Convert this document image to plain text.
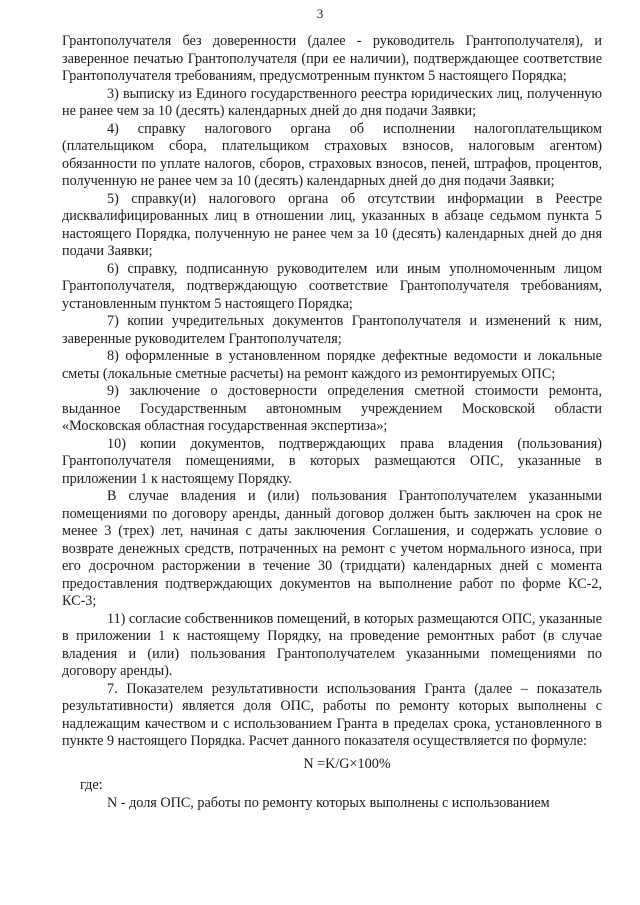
3

Грантополучателя без доверенности (далее - руководитель Грантополучателя), и заверенное печатью Грантополучателя (при ее наличии), подтверждающее соответствие Грантополучателя требованиям, предусмотренным пунктом 5 настоящего Порядка;

3) выписку из Единого государственного реестра юридических лиц, полученную не ранее чем за 10 (десять) календарных дней до дня подачи Заявки;

4) справку налогового органа об исполнении налогоплательщиком (плательщиком сбора, плательщиком страховых взносов, налоговым агентом) обязанности по уплате налогов, сборов, страховых взносов, пеней, штрафов, процентов, полученную не ранее чем за 10 (десять) календарных дней до дня подачи Заявки;

5) справку(и) налогового органа об отсутствии информации в Реестре дисквалифицированных лиц в отношении лиц, указанных в абзаце седьмом пункта 5 настоящего Порядка, полученную не ранее чем за 10 (десять) календарных дней до дня подачи Заявки;

6) справку, подписанную руководителем или иным уполномоченным лицом Грантополучателя, подтверждающую соответствие Грантополучателя требованиям, установленным пунктом 5 настоящего Порядка;

7) копии учредительных документов Грантополучателя и изменений к ним, заверенные руководителем Грантополучателя;

8) оформленные в установленном порядке дефектные ведомости и локальные сметы (локальные сметные расчеты) на ремонт каждого из ремонтируемых ОПС;

9) заключение о достоверности определения сметной стоимости ремонта, выданное Государственным автономным учреждением Московской области «Московская областная государственная экспертиза»;

10) копии документов, подтверждающих права владения (пользования) Грантополучателя помещениями, в которых размещаются ОПС, указанные в приложении 1 к настоящему Порядку.

В случае владения и (или) пользования Грантополучателем указанными помещениями по договору аренды, данный договор должен быть заключен на срок не менее 3 (трех) лет, начиная с даты заключения Соглашения, и содержать условие о возврате денежных средств, потраченных на ремонт с учетом нормального износа, при его досрочном расторжении в течение 30 (тридцати) календарных дней с момента предоставления подтверждающих документов на выполнение работ по форме КС-2, КС-3;

11) согласие собственников помещений, в которых размещаются ОПС, указанные в приложении 1 к настоящему Порядку, на проведение ремонтных работ (в случае владения и (или) пользования Грантополучателем указанными помещениями по договору аренды).

7. Показателем результативности использования Гранта (далее – показатель результативности) является доля ОПС, работы по ремонту которых выполнены с надлежащим качеством и с использованием Гранта в пределах срока, установленного в пункте 9 настоящего Порядка. Расчет данного показателя осуществляется по формуле:

N =K/G×100%

где:

N - доля ОПС, работы по ремонту которых выполнены с использованием
